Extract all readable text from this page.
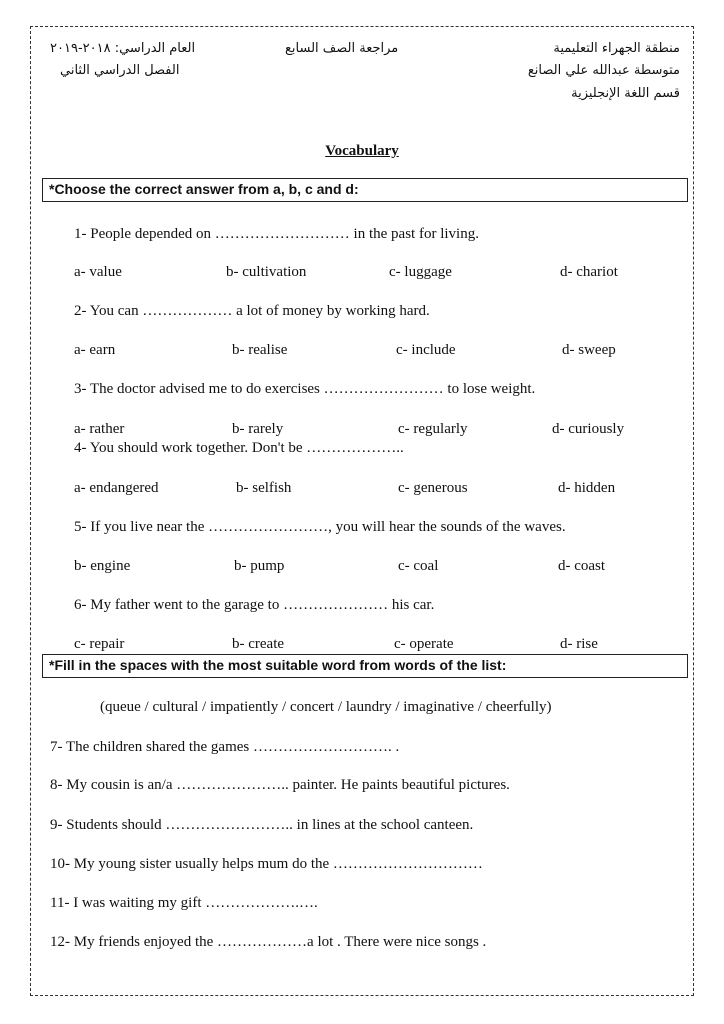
منطقة الجهراء التعليمية
متوسطة عبدالله علي الصانع
قسم اللغة الإنجليزية
مراجعة الصف السابع
العام الدراسي: ٢٠١٨-٢٠١٩
الفصل الدراسي الثاني
Vocabulary
*Choose the correct answer from a, b, c and d:
1- People depended on ……………………… in the past for living.
a- value	b- cultivation	c- luggage	d- chariot
2- You can ……………… a lot of money by working hard.
a- earn	b- realise	c- include	d- sweep
3- The doctor advised me to do exercises …………………… to lose weight.
a- rather	b- rarely	c- regularly	d- curiously
4- You should work together. Don't be ………………..
a- endangered	b- selfish	c- generous	d- hidden
5- If you live near the ……………………, you will hear the sounds of the waves.
b- engine	b- pump	c- coal	d- coast
6- My father went to the garage to ………………… his car.
c- repair	b- create	c- operate	d- rise
*Fill in the spaces with the most suitable word from words of the list:
(queue / cultural / impatiently / concert / laundry / imaginative / cheerfully)
7- The children shared the games ………………………. .
8- My cousin is an/a ………………….. painter. He paints beautiful pictures.
9- Students should …………………….. in lines at the school canteen.
10- My young sister usually helps mum do the …………………………
11- I was waiting my gift ……………….….
12- My friends enjoyed the ………………a lot . There were nice songs .
